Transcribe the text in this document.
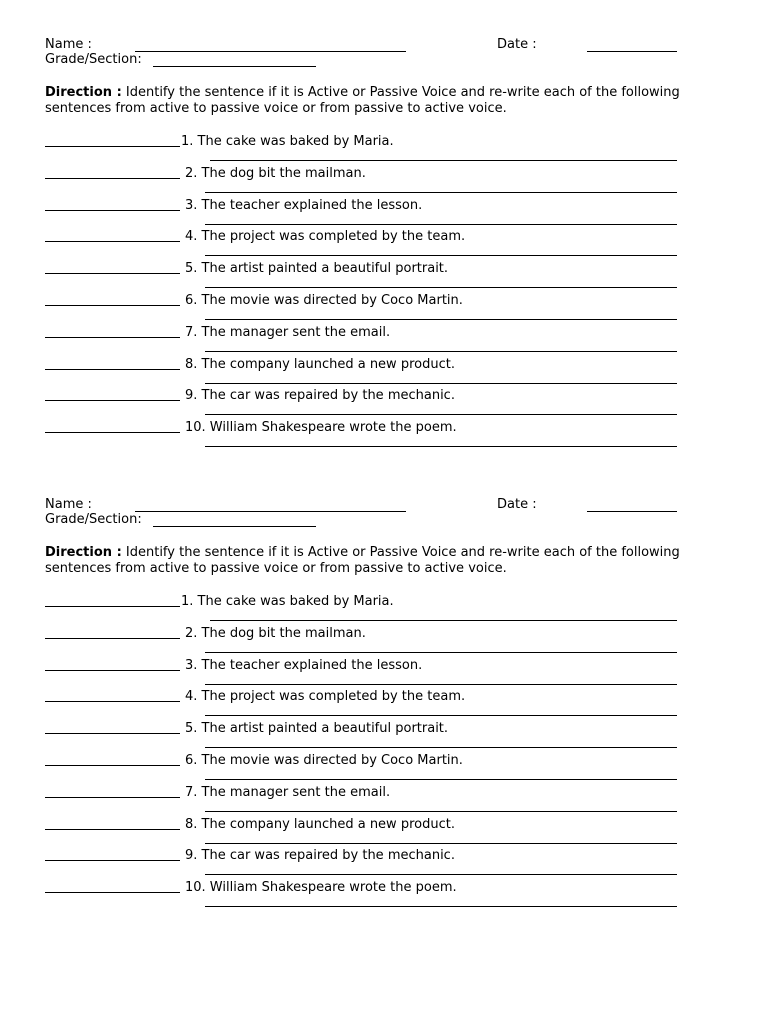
Name :	Date :
Grade/Section:
Direction : Identify the sentence if it is Active or Passive Voice and re-write each of the following sentences from active to passive voice or from passive to active voice.
1. The cake was baked by Maria.
2. The dog bit the mailman.
3. The teacher explained the lesson.
4. The project was completed by the team.
5. The artist painted a beautiful portrait.
6. The movie was directed by Coco Martin.
7. The manager sent the email.
8. The company launched a new product.
9. The car was repaired by the mechanic.
10. William Shakespeare wrote the poem.
Name :	Date :
Grade/Section:
Direction : Identify the sentence if it is Active or Passive Voice and re-write each of the following sentences from active to passive voice or from passive to active voice.
1. The cake was baked by Maria.
2. The dog bit the mailman.
3. The teacher explained the lesson.
4. The project was completed by the team.
5. The artist painted a beautiful portrait.
6. The movie was directed by Coco Martin.
7. The manager sent the email.
8. The company launched a new product.
9. The car was repaired by the mechanic.
10. William Shakespeare wrote the poem.
